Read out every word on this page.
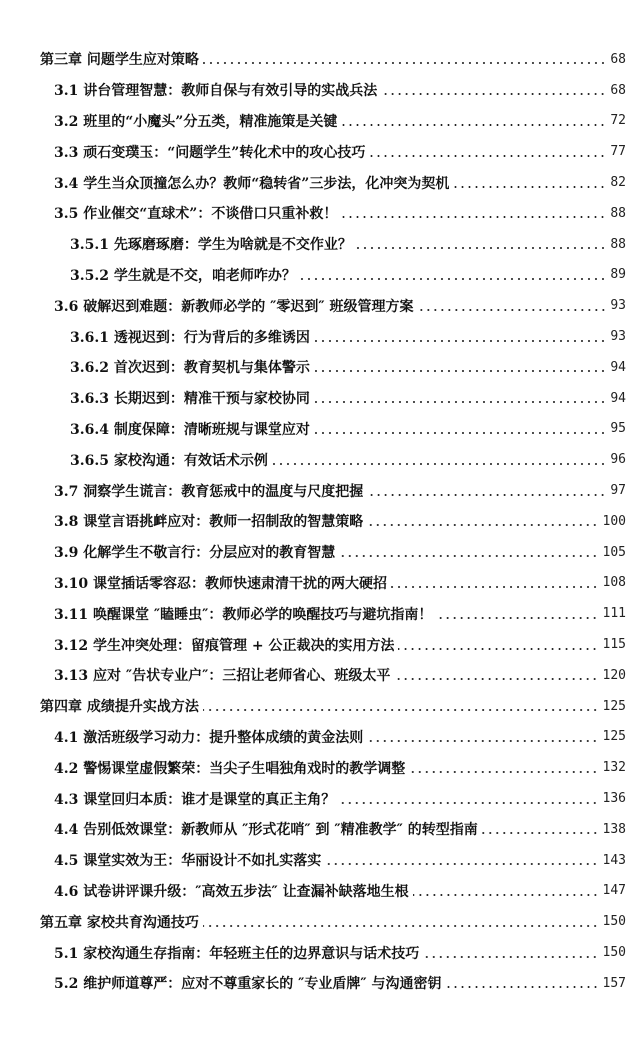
第三章 问题学生应对策略	68
3.1 讲台管理智慧：教师自保与有效引导的实战兵法	68
3.2 班里的“小魔头”分五类，精准施策是关键	72
3.3 顽石变璞玉：“问题学生”转化术中的攻心技巧	77
3.4 学生当众顶撞怎么办？教师“稳转省”三步法，化冲突为契机	82
3.5 作业催交“直球术”：不谈借口只重补救！	88
3.5.1 先琢磨琢磨：学生为啥就是不交作业？	88
3.5.2 学生就是不交，咱老师咋办？	89
3.6 破解迟到难题：新教师必学的 ″零迟到″ 班级管理方案	93
3.6.1 透视迟到：行为背后的多维诱因	93
3.6.2 首次迟到：教育契机与集体警示	94
3.6.3 长期迟到：精准干预与家校协同	94
3.6.4 制度保障：清晰班规与课堂应对	95
3.6.5 家校沟通：有效话术示例	96
3.7 洞察学生谎言：教育惩戒中的温度与尺度把握	97
3.8 课堂言语挑衅应对：教师一招制敌的智慧策略	100
3.9 化解学生不敬言行：分层应对的教育智慧	105
3.10 课堂插话零容忍：教师快速肃清干扰的两大硬招	108
3.11 唤醒课堂 ″瞌睡虫″：教师必学的唤醒技巧与避坑指南！	111
3.12 学生冲突处理：留痕管理 + 公正裁决的实用方法	115
3.13 应对 ″告状专业户″：三招让老师省心、班级太平	120
第四章 成绩提升实战方法	125
4.1 激活班级学习动力：提升整体成绩的黄金法则	125
4.2 警惕课堂虚假繁荣：当尖子生唱独角戏时的教学调整	132
4.3 课堂回归本质：谁才是课堂的真正主角？	136
4.4 告别低效课堂：新教师从 ″形式花哨″ 到 ″精准教学″ 的转型指南	138
4.5 课堂实效为王：华丽设计不如扎实落实	143
4.6 试卷讲评课升级：″高效五步法″ 让查漏补缺落地生根	147
第五章 家校共育沟通技巧	150
5.1 家校沟通生存指南：年轻班主任的边界意识与话术技巧	150
5.2 维护师道尊严：应对不尊重家长的 ″专业盾牌″ 与沟通密钥	157
